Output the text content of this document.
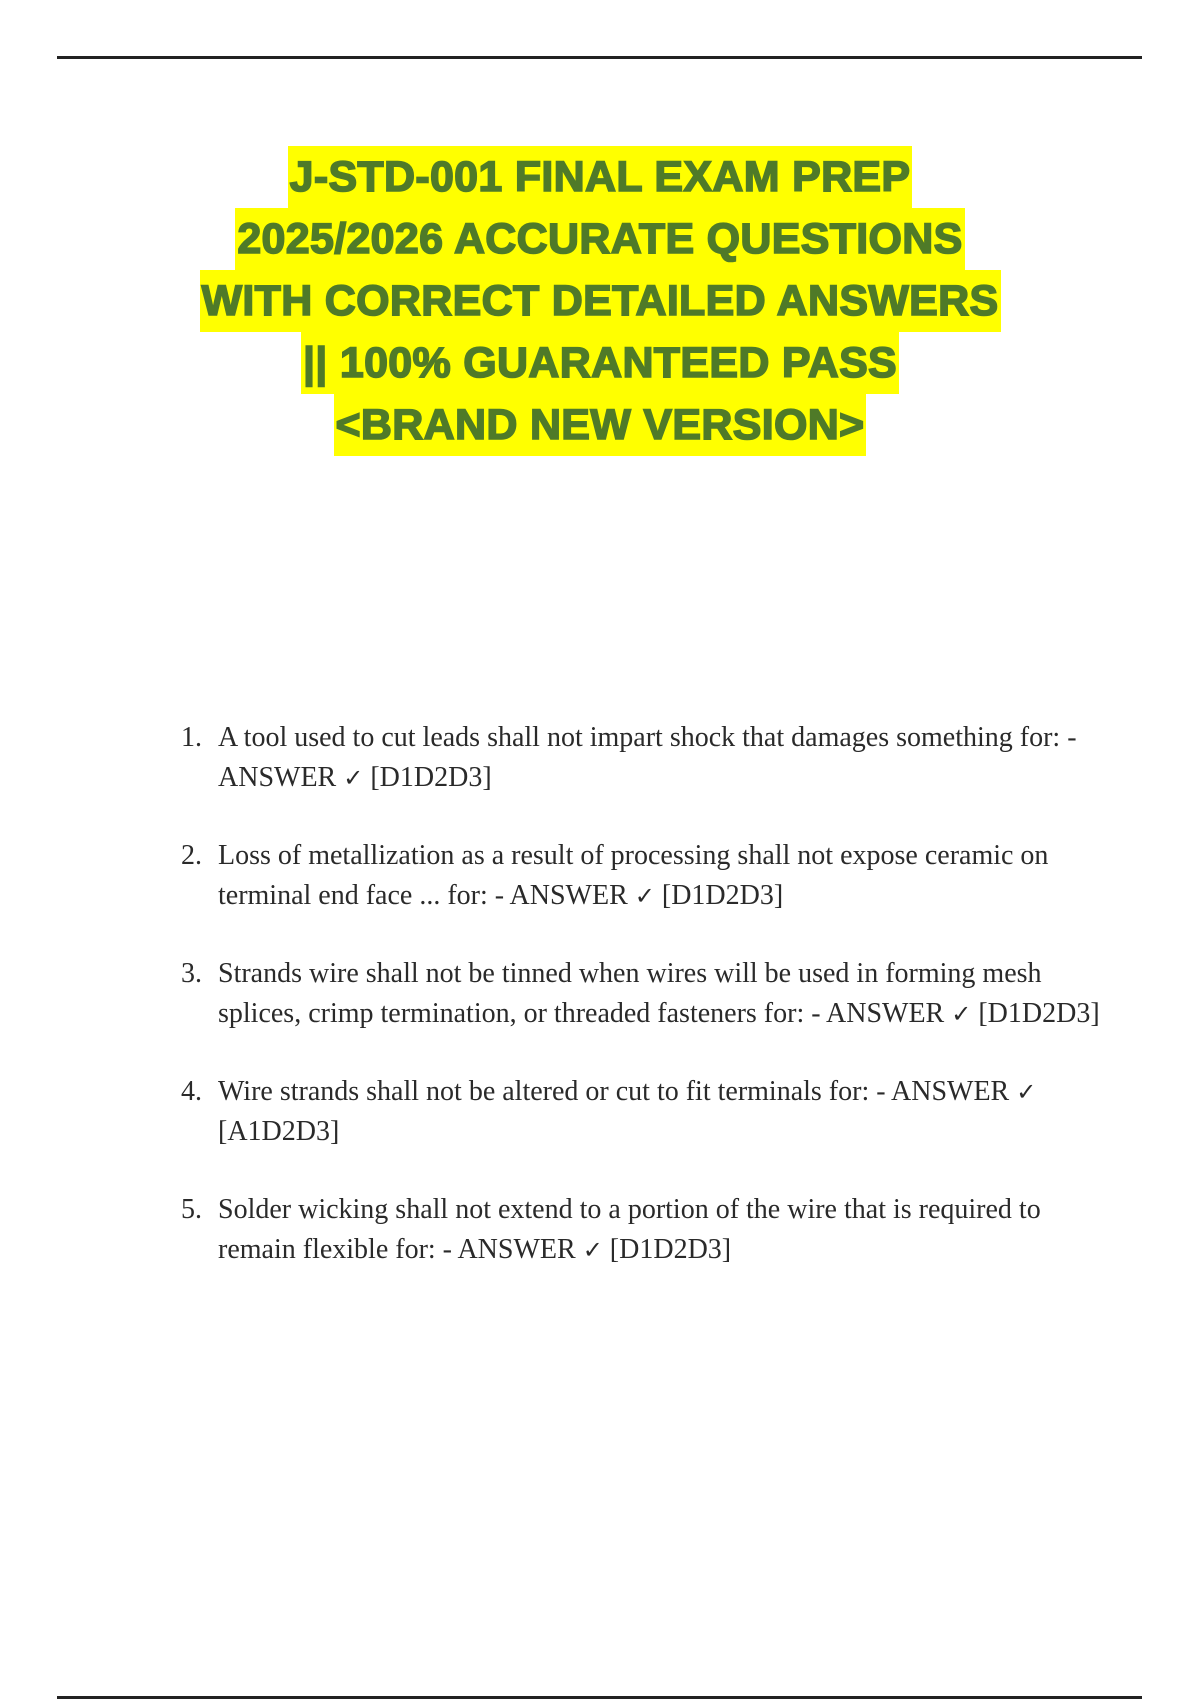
J-STD-001 FINAL EXAM PREP
2025/2026 ACCURATE QUESTIONS
WITH CORRECT DETAILED ANSWERS
|| 100% GUARANTEED PASS
<BRAND NEW VERSION>
1. A tool used to cut leads shall not impart shock that damages something for: - ANSWER ✓ [D1D2D3]
2. Loss of metallization as a result of processing shall not expose ceramic on terminal end face ... for: - ANSWER ✓ [D1D2D3]
3. Strands wire shall not be tinned when wires will be used in forming mesh splices, crimp termination, or threaded fasteners for: - ANSWER ✓ [D1D2D3]
4. Wire strands shall not be altered or cut to fit terminals for: - ANSWER ✓ [A1D2D3]
5. Solder wicking shall not extend to a portion of the wire that is required to remain flexible for: - ANSWER ✓ [D1D2D3]
